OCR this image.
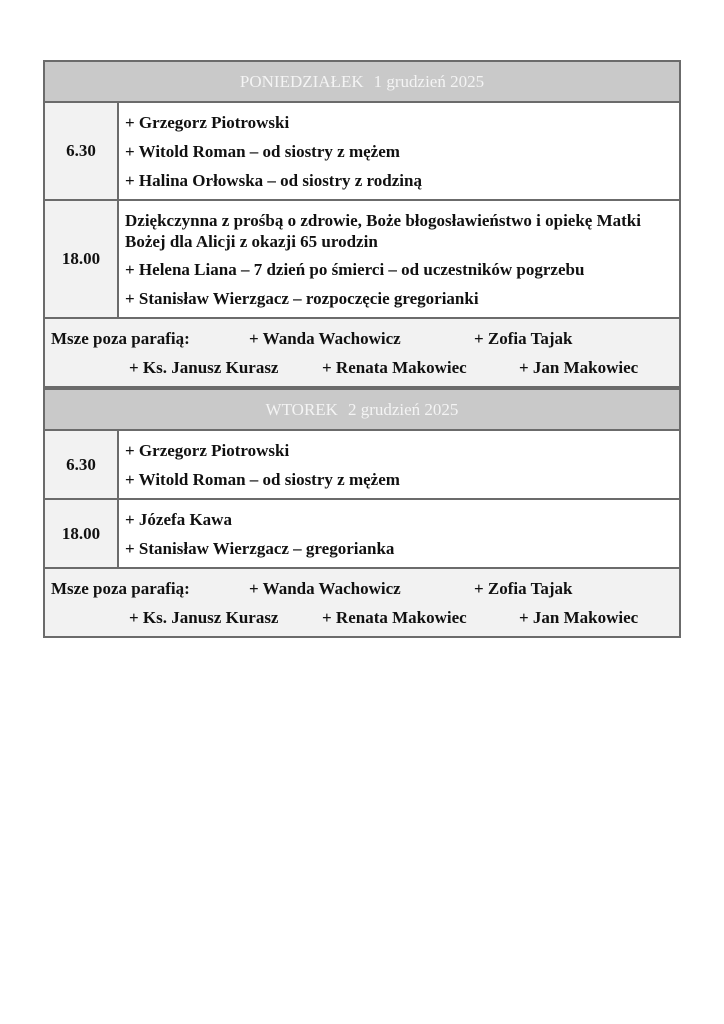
PONIEDZIAŁEK 1 grudzień 2025
6.30
+ Grzegorz Piotrowski
+ Witold Roman – od siostry z mężem
+ Halina Orłowska – od siostry z rodziną
18.00
Dziękczynna z prośbą o zdrowie, Boże błogosławieństwo i opiekę Matki Bożej dla Alicji z okazji 65 urodzin
+ Helena Liana – 7 dzień po śmierci – od uczestników pogrzebu
+ Stanisław Wierzgacz – rozpoczęcie gregorianki
Msze poza parafią:	+ Wanda Wachowicz	+ Zofia Tajak
+ Ks. Janusz Kurasz	+ Renata Makowiec	+ Jan Makowiec
WTOREK 2 grudzień 2025
6.30
+ Grzegorz Piotrowski
+ Witold Roman – od siostry z mężem
18.00
+ Józefa Kawa
+ Stanisław Wierzgacz – gregorianka
Msze poza parafią:	+ Wanda Wachowicz	+ Zofia Tajak
+ Ks. Janusz Kurasz	+ Renata Makowiec	+ Jan Makowiec
